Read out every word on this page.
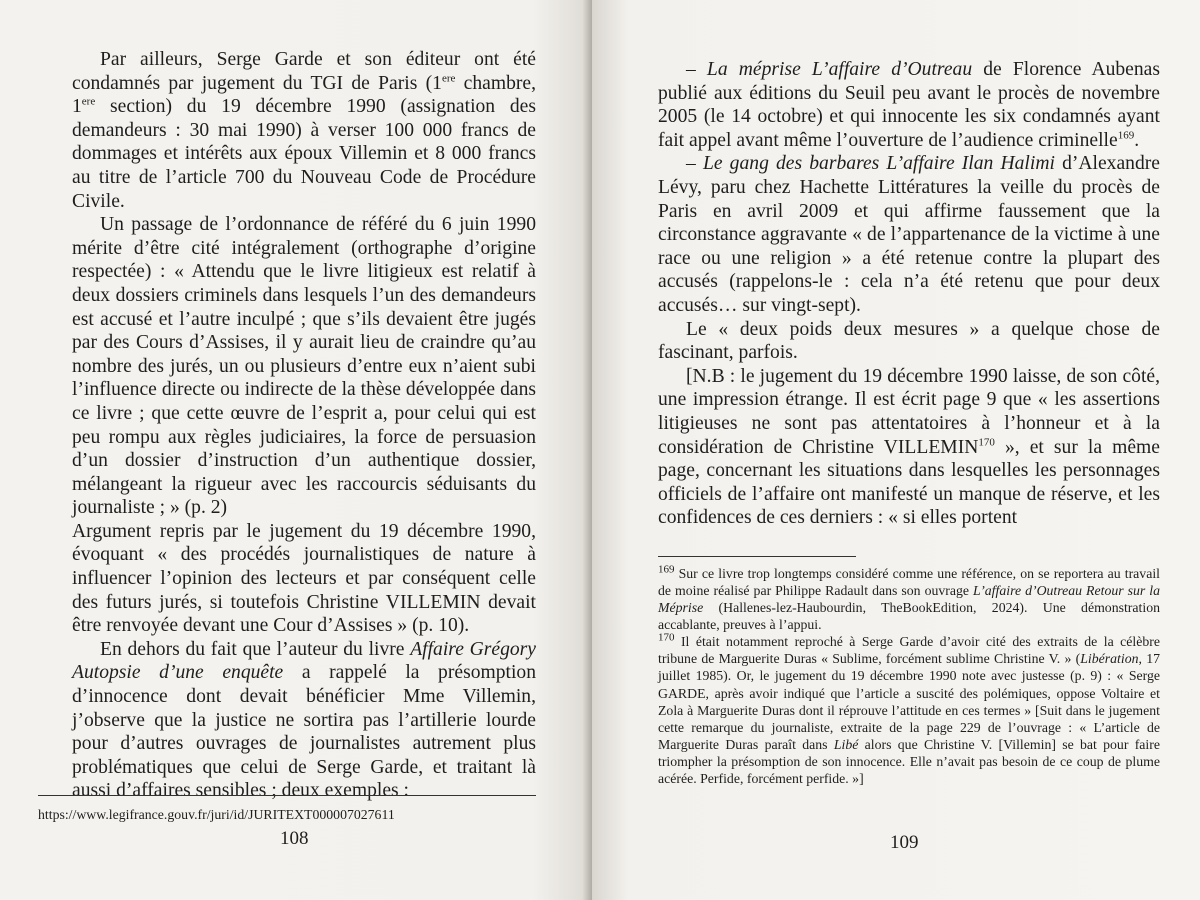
Par ailleurs, Serge Garde et son éditeur ont été condamnés par jugement du TGI de Paris (1ere chambre, 1ere section) du 19 décembre 1990 (assignation des demandeurs : 30 mai 1990) à verser 100 000 francs de dommages et intérêts aux époux Villemin et 8 000 francs au titre de l’article 700 du Nouveau Code de Procédure Civile.

Un passage de l’ordonnance de référé du 6 juin 1990 mérite d’être cité intégralement (orthographe d’origine respectée) : « Attendu que le livre litigieux est relatif à deux dossiers criminels dans lesquels l’un des demandeurs est accusé et l’autre inculpé ; que s’ils devaient être jugés par des Cours d’Assises, il y aurait lieu de craindre qu’au nombre des jurés, un ou plusieurs d’entre eux n’aient subi l’influence directe ou indirecte de la thèse développée dans ce livre ; que cette œuvre de l’esprit a, pour celui qui est peu rompu aux règles judiciaires, la force de persuasion d’un dossier d’instruction d’un authentique dossier, mélangeant la rigueur avec les raccourcis séduisants du journaliste ; » (p. 2)

Argument repris par le jugement du 19 décembre 1990, évoquant « des procédés journalistiques de nature à influencer l’opinion des lecteurs et par conséquent celle des futurs jurés, si toutefois Christine VILLEMIN devait être renvoyée devant une Cour d’Assises » (p. 10).

En dehors du fait que l’auteur du livre Affaire Grégory Autopsie d’une enquête a rappelé la présomption d’innocence dont devait bénéficier Mme Villemin, j’observe que la justice ne sortira pas l’artillerie lourde pour d’autres ouvrages de journalistes autrement plus problématiques que celui de Serge Garde, et traitant là aussi d’affaires sensibles ; deux exemples :

https://www.legifrance.gouv.fr/juri/id/JURITEXT000007027611
108

– La méprise L’affaire d’Outreau de Florence Aubenas publié aux éditions du Seuil peu avant le procès de novembre 2005 (le 14 octobre) et qui innocente les six condamnés ayant fait appel avant même l’ouverture de l’audience criminelle$^{169}$.

– Le gang des barbares L’affaire Ilan Halimi d’Alexandre Lévy, paru chez Hachette Littératures la veille du procès de Paris en avril 2009 et qui affirme faussement que la circonstance aggravante « de l’appartenance de la victime à une race ou une religion » a été retenue contre la plupart des accusés (rappelons-le : cela n’a été retenu que pour deux accusés… sur vingt-sept).

Le « deux poids deux mesures » a quelque chose de fascinant, parfois.

[N.B : le jugement du 19 décembre 1990 laisse, de son côté, une impression étrange. Il est écrit page 9 que « les assertions litigieuses ne sont pas attentatoires à l’honneur et à la considération de Christine VILLEMIN$^{170}$ », et sur la même page, concernant les situations dans lesquelles les personnages officiels de l’affaire ont manifesté un manque de réserve, et les confidences de ces derniers : « si elles portent

$^{169}$ Sur ce livre trop longtemps considéré comme une référence, on se reportera au travail de moine réalisé par Philippe Radault dans son ouvrage L’affaire d’Outreau Retour sur la Méprise (Hallenes-lez-Haubourdin, TheBookEdition, 2024). Une démonstration accablante, preuves à l’appui.

$^{170}$ Il était notamment reproché à Serge Garde d’avoir cité des extraits de la célèbre tribune de Marguerite Duras « Sublime, forcément sublime Christine V. » (Libération, 17 juillet 1985). Or, le jugement du 19 décembre 1990 note avec justesse (p. 9) : « Serge GARDE, après avoir indiqué que l’article a suscité des polémiques, oppose Voltaire et Zola à Marguerite Duras dont il réprouve l’attitude en ces termes » [Suit dans le jugement cette remarque du journaliste, extraite de la page 229 de l’ouvrage : « L’article de Marguerite Duras paraît dans Libé alors que Christine V. [Villemin] se bat pour faire triompher la présomption de son innocence. Elle n’avait pas besoin de ce coup de plume acérée. Perfide, forcément perfide. »]

109
